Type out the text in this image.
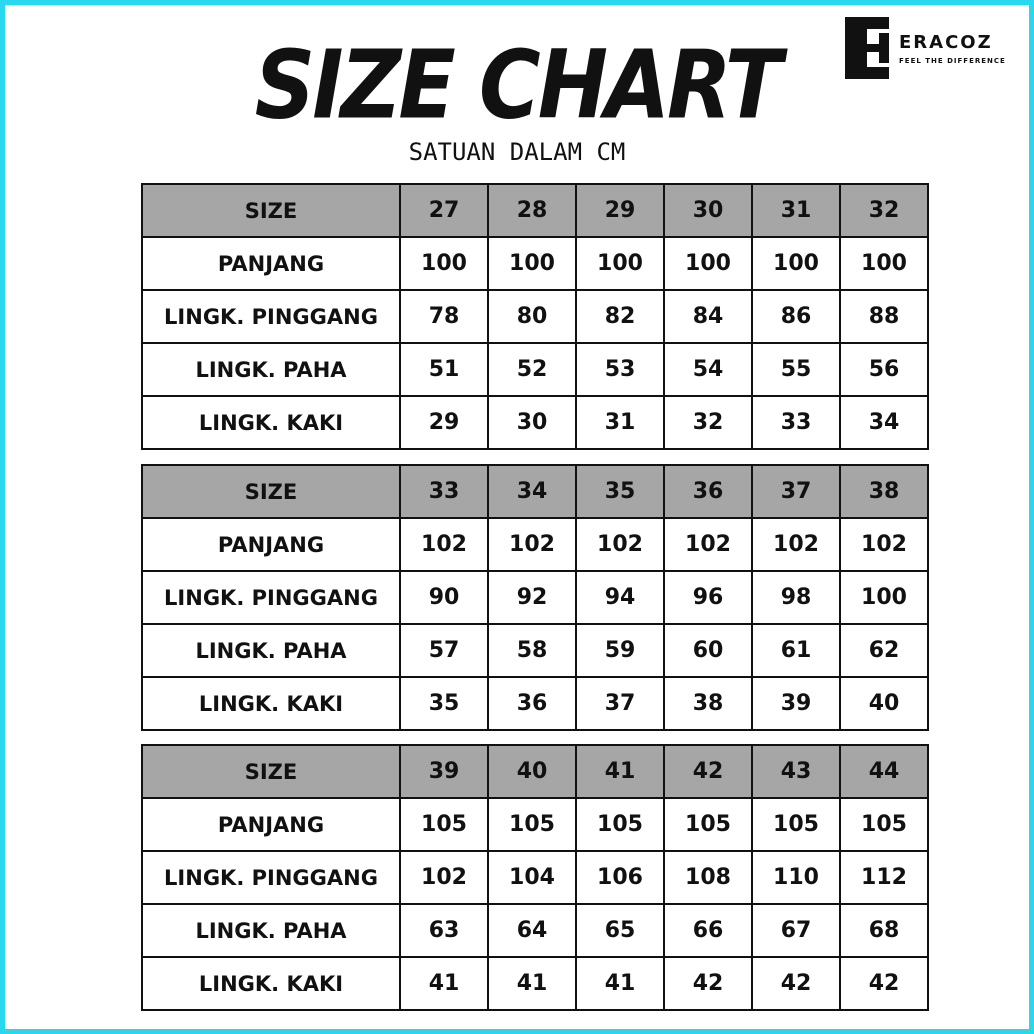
SIZE CHART
SATUAN DALAM CM
ERACOZ
FEEL THE DIFFERENCE
SIZE	27	28	29	30	31	32
PANJANG	100	100	100	100	100	100
LINGK. PINGGANG	78	80	82	84	86	88
LINGK. PAHA	51	52	53	54	55	56
LINGK. KAKI	29	30	31	32	33	34
SIZE	33	34	35	36	37	38
PANJANG	102	102	102	102	102	102
LINGK. PINGGANG	90	92	94	96	98	100
LINGK. PAHA	57	58	59	60	61	62
LINGK. KAKI	35	36	37	38	39	40
SIZE	39	40	41	42	43	44
PANJANG	105	105	105	105	105	105
LINGK. PINGGANG	102	104	106	108	110	112
LINGK. PAHA	63	64	65	66	67	68
LINGK. KAKI	41	41	41	42	42	42
